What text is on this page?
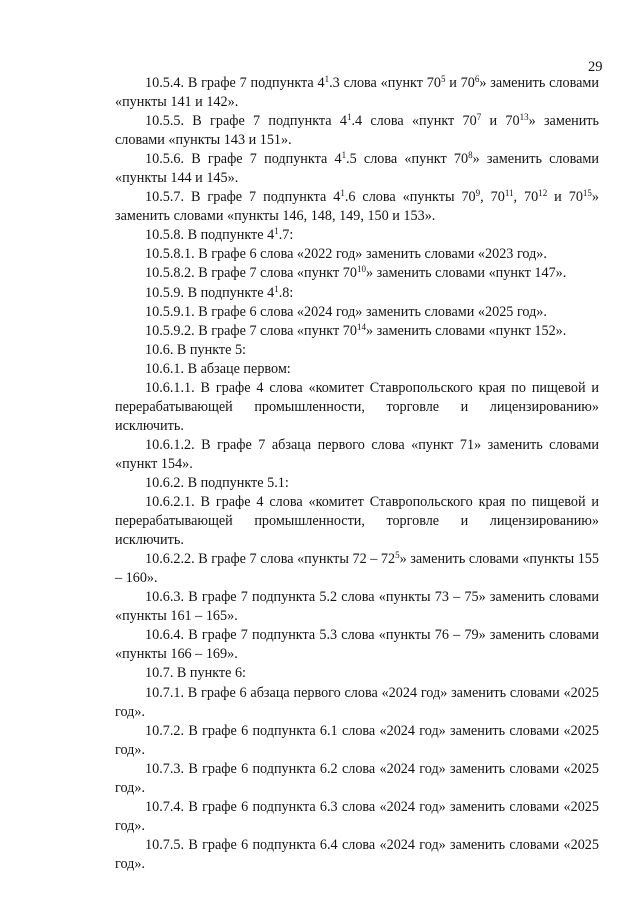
29

10.5.4. В графе 7 подпункта $4^1.3$ слова «пункт $70^5$ и $70^6$» заменить словами «пункты 141 и 142».

10.5.5. В графе 7 подпункта $4^1.4$ слова «пункт $70^7$ и $70^{13}$» заменить словами «пункты 143 и 151».

10.5.6. В графе 7 подпункта $4^1.5$ слова «пункт $70^8$» заменить словами «пункты 144 и 145».

10.5.7. В графе 7 подпункта $4^1.6$ слова «пункты $70^9$, $70^{11}$, $70^{12}$ и $70^{15}$» заменить словами «пункты 146, 148, 149, 150 и 153».

10.5.8. В подпункте $4^1.7$:

10.5.8.1. В графе 6 слова «2022 год» заменить словами «2023 год».

10.5.8.2. В графе 7 слова «пункт $70^{10}$» заменить словами «пункт 147».

10.5.9. В подпункте $4^1.8$:

10.5.9.1. В графе 6 слова «2024 год» заменить словами «2025 год».

10.5.9.2. В графе 7 слова «пункт $70^{14}$» заменить словами «пункт 152».

10.6. В пункте 5:

10.6.1. В абзаце первом:

10.6.1.1. В графе 4 слова «комитет Ставропольского края по пищевой и перерабатывающей промышленности, торговле и лицензированию» исключить.

10.6.1.2. В графе 7 абзаца первого слова «пункт 71» заменить словами «пункт 154».

10.6.2. В подпункте 5.1:

10.6.2.1. В графе 4 слова «комитет Ставропольского края по пищевой и перерабатывающей промышленности, торговле и лицензированию» исключить.

10.6.2.2. В графе 7 слова «пункты $72 - 72^5$» заменить словами «пункты 155 – 160».

10.6.3. В графе 7 подпункта 5.2 слова «пункты 73 – 75» заменить словами «пункты 161 – 165».

10.6.4. В графе 7 подпункта 5.3 слова «пункты 76 – 79» заменить словами «пункты 166 – 169».

10.7. В пункте 6:

10.7.1. В графе 6 абзаца первого слова «2024 год» заменить словами «2025 год».

10.7.2. В графе 6 подпункта 6.1 слова «2024 год» заменить словами «2025 год».

10.7.3. В графе 6 подпункта 6.2 слова «2024 год» заменить словами «2025 год».

10.7.4. В графе 6 подпункта 6.3 слова «2024 год» заменить словами «2025 год».

10.7.5. В графе 6 подпункта 6.4 слова «2024 год» заменить словами «2025 год».
